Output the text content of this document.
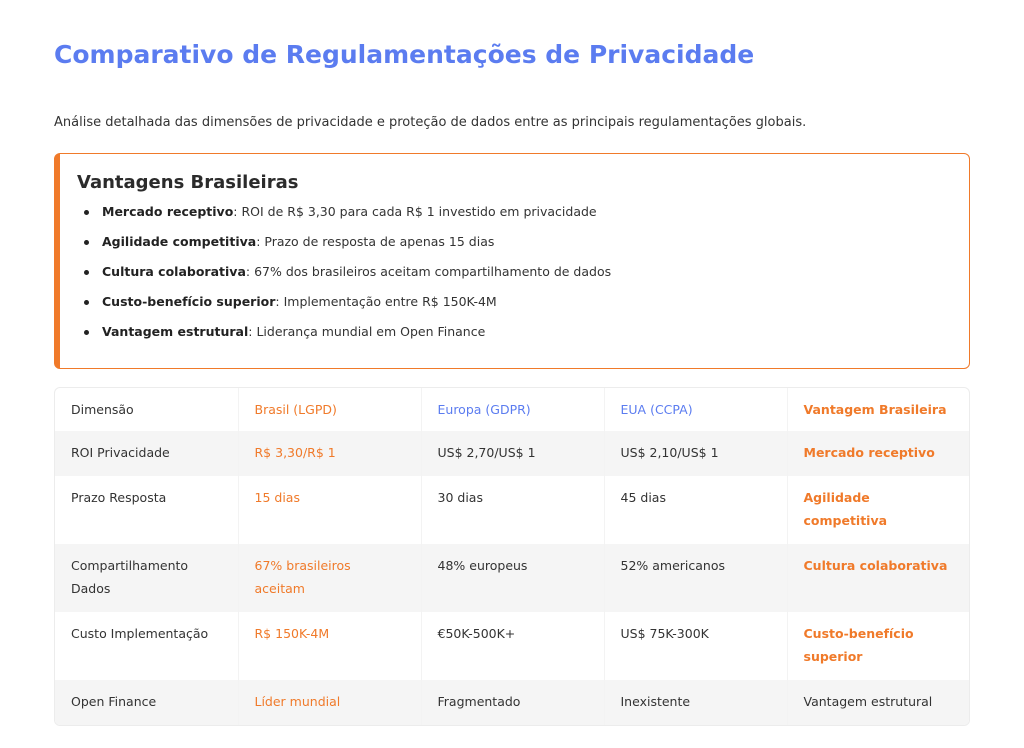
Comparativo de Regulamentações de Privacidade

Análise detalhada das dimensões de privacidade e proteção de dados entre as principais regulamentações globais.

Vantagens Brasileiras
Mercado receptivo: ROI de R$ 3,30 para cada R$ 1 investido em privacidade
Agilidade competitiva: Prazo de resposta de apenas 15 dias
Cultura colaborativa: 67% dos brasileiros aceitam compartilhamento de dados
Custo-benefício superior: Implementação entre R$ 150K-4M
Vantagem estrutural: Liderança mundial em Open Finance
Dimensão	Brasil (LGPD)	Europa (GDPR)	EUA (CCPA)	Vantagem Brasileira
ROI Privacidade	R$ 3,30/R$ 1	US$ 2,70/US$ 1	US$ 2,10/US$ 1	Mercado receptivo
Prazo Resposta	15 dias	30 dias	45 dias	Agilidade competitiva
Compartilhamento Dados	67% brasileiros aceitam	48% europeus	52% americanos	Cultura colaborativa
Custo Implementação	R$ 150K-4M	€50K-500K+	US$ 75K-300K	Custo-benefício superior
Open Finance	Líder mundial	Fragmentado	Inexistente	Vantagem estrutural
